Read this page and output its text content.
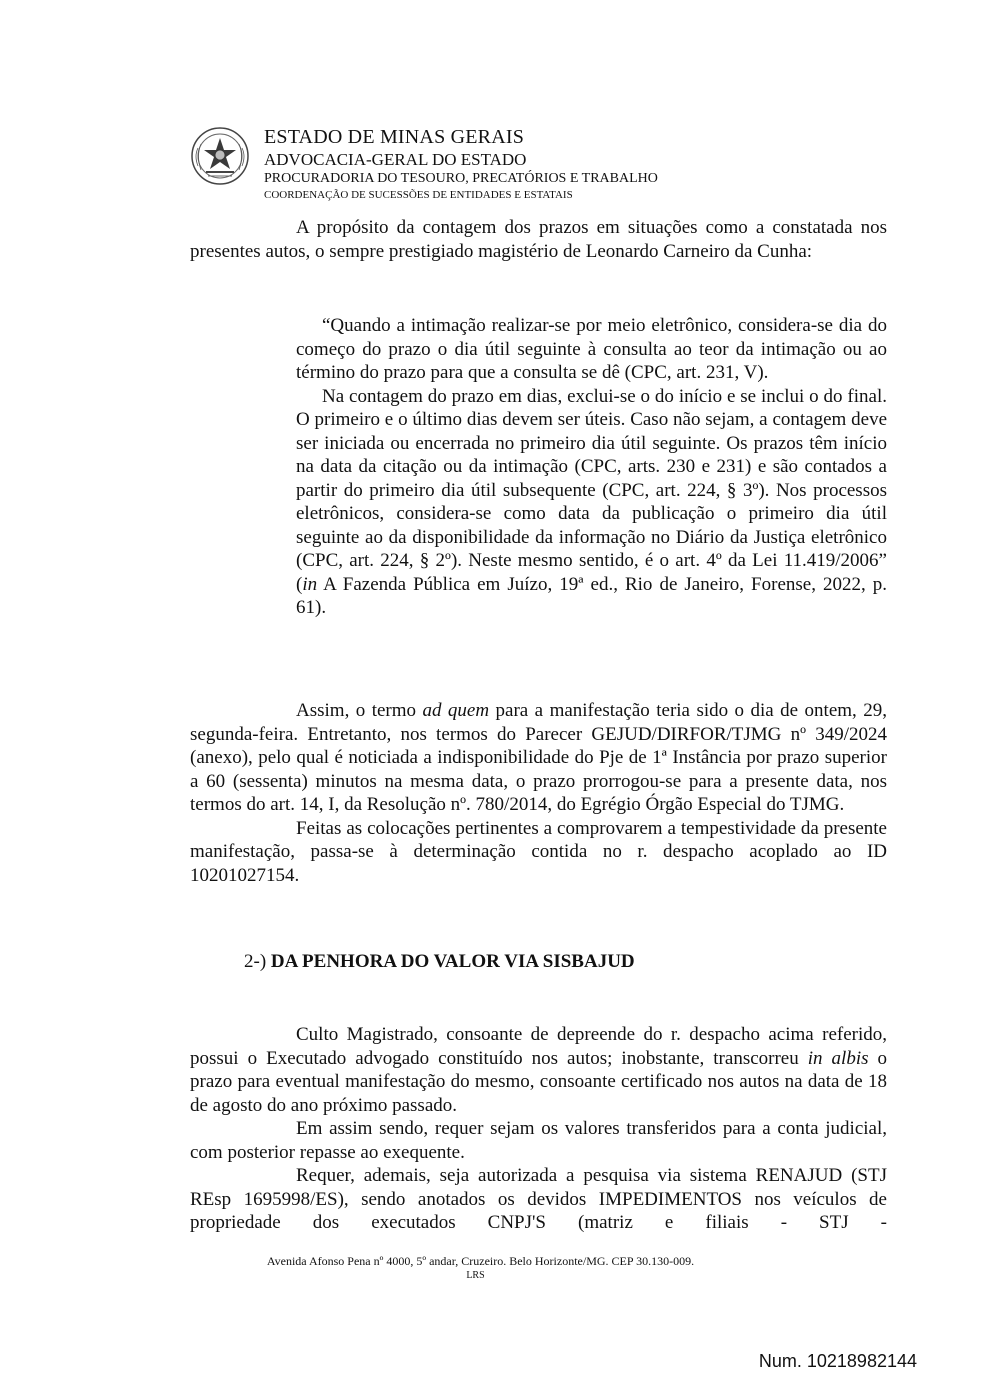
ESTADO DE MINAS GERAIS
ADVOCACIA-GERAL DO ESTADO
PROCURADORIA DO TESOURO, PRECATÓRIOS E TRABALHO
COORDENAÇÃO DE SUCESSÕES DE ENTIDADES E ESTATAIS

A propósito da contagem dos prazos em situações como a constatada nos presentes autos, o sempre prestigiado magistério de Leonardo Carneiro da Cunha:

“Quando a intimação realizar-se por meio eletrônico, considera-se dia do começo do prazo o dia útil seguinte à consulta ao teor da intimação ou ao término do prazo para que a consulta se dê (CPC, art. 231, V).

Na contagem do prazo em dias, exclui-se o do início e se inclui o do final. O primeiro e o último dias devem ser úteis. Caso não sejam, a contagem deve ser iniciada ou encerrada no primeiro dia útil seguinte. Os prazos têm início na data da citação ou da intimação (CPC, arts. 230 e 231) e são contados a partir do primeiro dia útil subsequente (CPC, art. 224, § 3º). Nos processos eletrônicos, considera-se como data da publicação o primeiro dia útil seguinte ao da disponibilidade da informação no Diário da Justiça eletrônico (CPC, art. 224, § 2º). Neste mesmo sentido, é o art. 4º da Lei 11.419/2006” (in A Fazenda Pública em Juízo, 19ª ed., Rio de Janeiro, Forense, 2022, p. 61).

Assim, o termo ad quem para a manifestação teria sido o dia de ontem, 29, segunda-feira. Entretanto, nos termos do Parecer GEJUD/DIRFOR/TJMG nº 349/2024 (anexo), pelo qual é noticiada a indisponibilidade do Pje de 1ª Instância por prazo superior a 60 (sessenta) minutos na mesma data, o prazo prorrogou-se para a presente data, nos termos do art. 14, I, da Resolução nº. 780/2014, do Egrégio Órgão Especial do TJMG.

Feitas as colocações pertinentes a comprovarem a tempestividade da presente manifestação, passa-se à determinação contida no r. despacho acoplado ao ID 10201027154.

2-) DA PENHORA DO VALOR VIA SISBAJUD

Culto Magistrado, consoante de depreende do r. despacho acima referido, possui o Executado advogado constituído nos autos; inobstante, transcorreu in albis o prazo para eventual manifestação do mesmo, consoante certificado nos autos na data de 18 de agosto do ano próximo passado.

Em assim sendo, requer sejam os valores transferidos para a conta judicial, com posterior repasse ao exequente.

Requer, ademais, seja autorizada a pesquisa via sistema RENAJUD (STJ REsp 1695998/ES), sendo anotados os devidos IMPEDIMENTOS nos veículos de propriedade dos executados CNPJ'S (matriz e filiais - STJ -

Avenida Afonso Pena nº 4000, 5º andar, Cruzeiro. Belo Horizonte/MG. CEP 30.130-009.
LRS
Num. 10218982144
